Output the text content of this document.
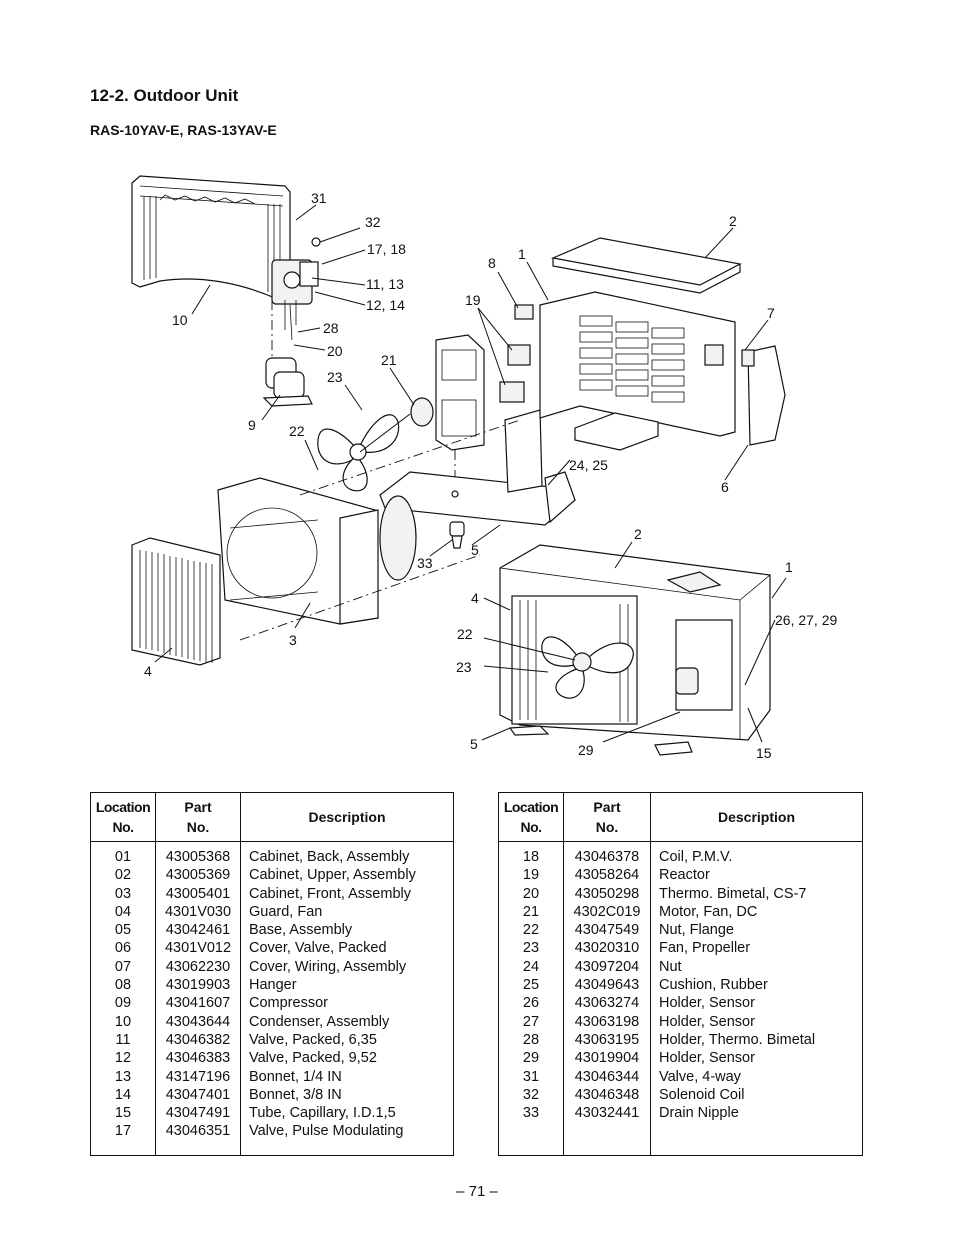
12-2. Outdoor Unit
RAS-10YAV-E, RAS-13YAV-E
31
32
17, 18
11, 13
12, 14
28
20
10
9
23
21
22
19
8
1
2
7
6
24, 25
33
5
3
4
2
1
4
26, 27, 29
22
23
5	29	15
Location
No.	Part
No.	Description
01	43005368	Cabinet, Back, Assembly
02	43005369	Cabinet, Upper, Assembly
03	43005401	Cabinet, Front, Assembly
04	4301V030	Guard, Fan
05	43042461	Base, Assembly
06	4301V012	Cover, Valve, Packed
07	43062230	Cover, Wiring, Assembly
08	43019903	Hanger
09	43041607	Compressor
10	43043644	Condenser, Assembly
11	43046382	Valve, Packed, 6,35
12	43046383	Valve, Packed, 9,52
13	43147196	Bonnet, 1/4 IN
14	43047401	Bonnet, 3/8 IN
15	43047491	Tube, Capillary, I.D.1,5
17	43046351	Valve, Pulse Modulating

Location
No.	Part
No.	Description
18	43046378	Coil, P.M.V.
19	43058264	Reactor
20	43050298	Thermo. Bimetal, CS-7
21	4302C019	Motor, Fan, DC
22	43047549	Nut, Flange
23	43020310	Fan, Propeller
24	43097204	Nut
25	43049643	Cushion, Rubber
26	43063274	Holder, Sensor
27	43063198	Holder, Sensor
28	43063195	Holder, Thermo. Bimetal
29	43019904	Holder, Sensor
31	43046344	Valve, 4-way
32	43046348	Solenoid Coil
33	43032441	Drain Nipple

– 71 –
